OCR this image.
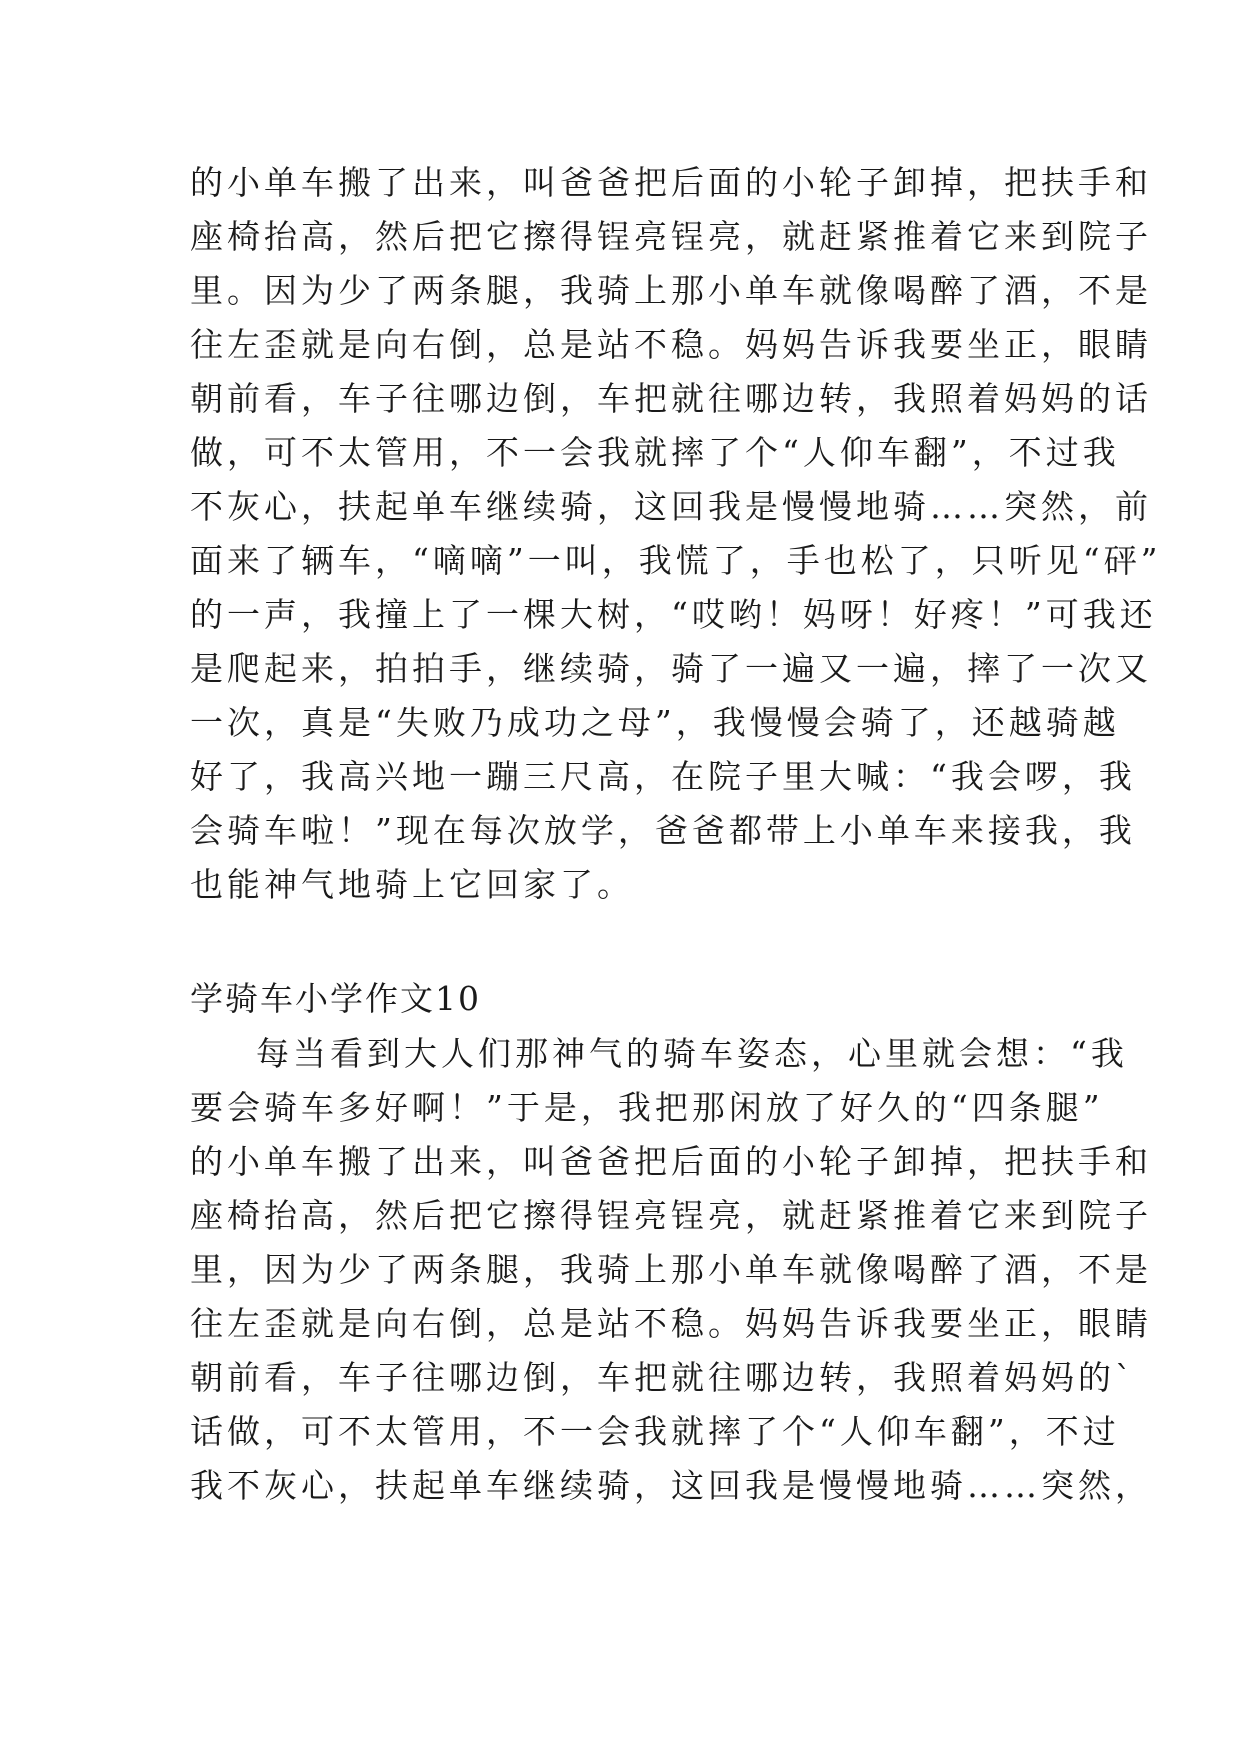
的小单车搬了出来，叫爸爸把后面的小轮子卸掉，把扶手和

座椅抬高，然后把它擦得锃亮锃亮，就赶紧推着它来到院子

里。因为少了两条腿，我骑上那小单车就像喝醉了酒，不是

往左歪就是向右倒，总是站不稳。妈妈告诉我要坐正，眼睛

朝前看，车子往哪边倒，车把就往哪边转，我照着妈妈的话

做，可不太管用，不一会我就摔了个“人仰车翻”，不过我

不灰心，扶起单车继续骑，这回我是慢慢地骑……突然，前

面来了辆车，“嘀嘀”一叫，我慌了，手也松了，只听见“砰”

的一声，我撞上了一棵大树，“哎哟！妈呀！好疼！”可我还

是爬起来，拍拍手，继续骑，骑了一遍又一遍，摔了一次又

一次，真是“失败乃成功之母”，我慢慢会骑了，还越骑越

好了，我高兴地一蹦三尺高，在院子里大喊：“我会啰，我

会骑车啦！”现在每次放学，爸爸都带上小单车来接我，我

也能神气地骑上它回家了。

学骑车小学作文10

每当看到大人们那神气的骑车姿态，心里就会想：“我

要会骑车多好啊！”于是，我把那闲放了好久的“四条腿”

的小单车搬了出来，叫爸爸把后面的小轮子卸掉，把扶手和

座椅抬高，然后把它擦得锃亮锃亮，就赶紧推着它来到院子

里，因为少了两条腿，我骑上那小单车就像喝醉了酒，不是

往左歪就是向右倒，总是站不稳。妈妈告诉我要坐正，眼睛

朝前看，车子往哪边倒，车把就往哪边转，我照着妈妈的`

话做，可不太管用，不一会我就摔了个“人仰车翻”，不过

我不灰心，扶起单车继续骑，这回我是慢慢地骑……突然，
